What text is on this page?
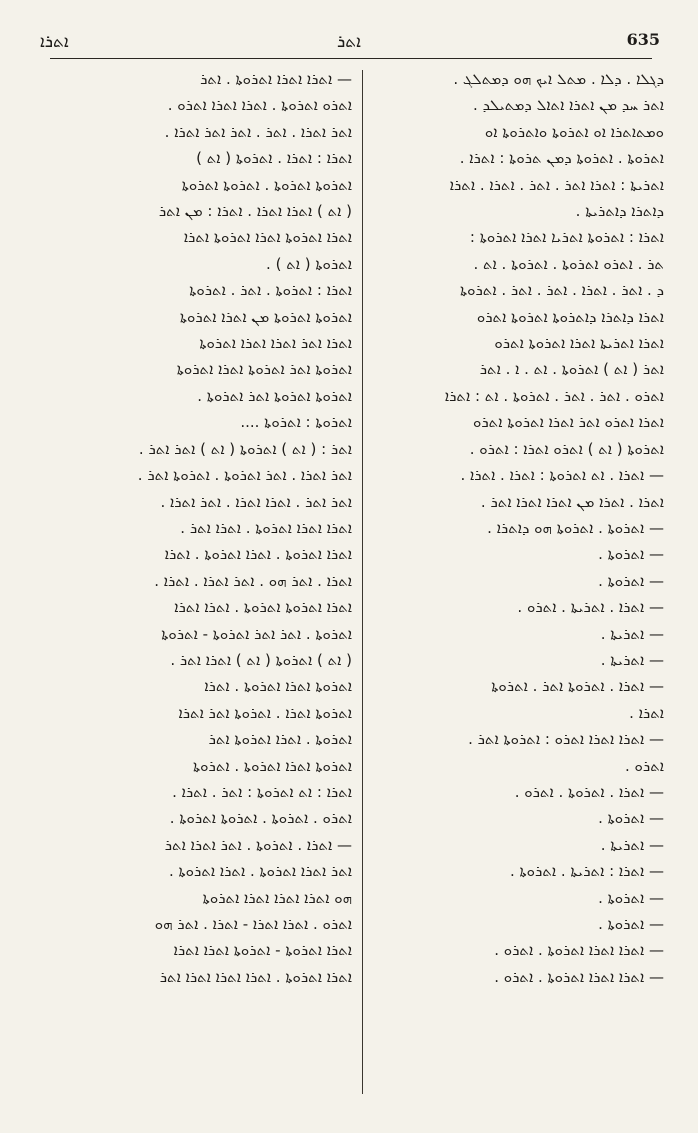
ܐܬܪܐ	ܐܬܪ	635
ܕܓܠܐ . ܕܠܐ . ܡܬܠ ܐܝܟ ܗܘ ܕܡܬܠܓ .
ܐܬܪ ܚܕ ܡܢ ܐܬܪܐ ܐܬܐܠ ܕܡܬܝܠܕ .
ܘܡܬܐܬܪܐ ܐܘ ܐܬܪܘܬܐ ܘܐܬܪܘܬܐ ܐܘ
ܐܬܪܘܬܐ . ܐܬܪܘܬܐ ܕܡܢ ܬܪܘܬܐ : ܐܬܪܐ .
ܐܬܪܝܬܐ : ܐܬܪܐ ܐܬܪ . ܐܬܪ . ܐܬܪܐ . ܐܬܪܐ
ܕܐܬܪܐ ܕܐܬܪܝܬܐ .
ܐܬܪܐ : ܐܬܪܘܬܐ ܐܬܪܝܐ ܐܬܪܐ ܐܬܪܘܬܐ :
ܬܪ . ܐܬܪܘ ܐܬܪܘܬܐ . ܐܬܪܘܬܐ . ܐܬ .
ܕ . ܐܬܪ . ܐܬܪܐ . ܐܬܪ . ܐܬܪ . ܐܬܪܘܬܐ
ܐܬܪܐ ܕܐܬܪܐ ܕܐܬܪܘܬܐ ܐܬܪܘܬܐ ܐܬܪܘ
ܐܬܪܐ ܐܬܪܝܬܐ ܐܬܪܐ ܐܬܪܘܬܐ ܐܬܪܘ
ܐܬܪ ( ܐܬ ) ܐܬܪܘܬܐ . ܐܬ . ܐ . ܐܬܪ
ܐܬܪܘ . ܐܬܪ . ܐܬܪ . ܐܬܪܘܬܐ . ܐܬ : ܐܬܪܐ
ܐܬܪܐ ܐܬܪܘ ܐܬܪ ܐܬܪܐ ܐܬܪܘܬܐ ܐܬܪܘ
ܐܬܪܘܬܐ ( ܐܬ ) ܐܬܪܘ ܐܬܪܐ : ܐܬܪܘ .
— ܐܬܪܐ . ܐܬ ܐܬܪܘܬܐ : ܐܬܪܐ . ܐܬܪܐ .
ܐܬܪܐ . ܐܬܪܐ ܡܢ ܐܬܪܐ ܐܬܪܐ ܐܬܪ .
— ܐܬܪܘܬܐ . ܐܬܪܘܬܐ ܗܘ ܕܐܬܪܐ .
— ܐܬܪܘܬܐ .
— ܐܬܪܘܬܐ .
— ܐܬܪܐ . ܐܬܪܝܬܐ . ܐܬܪܘ .
— ܐܬܪܝܬܐ .
— ܐܬܪܝܬܐ .
— ܐܬܪܐ . ܐܬܪܘܬܐ ܐܬܪ . ܐܬܪܘܬܐ
ܐܬܪܐ .
— ܐܬܪܐ ܐܬܪܐ ܐܬܪܘ : ܐܬܪܘܬܐ ܐܬܪ .
ܐܬܪܘ .
— ܐܬܪܐ . ܐܬܪܘܬܐ . ܐܬܪܘ .
— ܐܬܪܘܬܐ .
— ܐܬܪܝܬܐ .
— ܐܬܪܐ : ܐܬܪܝܬܐ . ܐܬܪܘܬܐ .
— ܐܬܪܘܬܐ .
— ܐܬܪܘܬܐ .
— ܐܬܪܐ ܐܬܪܐ ܐܬܪܘܬܐ . ܐܬܪܘ .
— ܐܬܪܐ ܐܬܪܐ ܐܬܪܘܬܐ . ܐܬܪܘ .
— ܐܬܪܐ ܐܬܪܐ ܐܬܪܘܬܐ . ܐܬܪ
ܐܬܪܘ ܐܬܪܘܬܐ . ܐܬܪܐ ܐܬܪܐ ܐܬܪܘ .
ܐܬܪ ܐܬܪܐ . ܐܬܪ . ܐܬܪ ܐܬܪ ܐܬܪܐ .
ܐܬܪܐ : ܐܬܪܐ . ܐܬܪܘܬܐ ( ܐܬ )
ܐܬܪܘܬܐ ܐܬܪܘܬܐ . ܐܬܪܘܬܐ ܐܬܪܘܬܐ
( ܐܬ ) ܐܬܪܐ ܐܬܪܐ . ܐܬܪܐ : ܡܢ ܐܬܪ
ܐܬܪܐ ܐܬܪܘܬܐ ܐܬܪܐ ܐܬܪܘܬܐ ܐܬܪܐ
ܐܬܪܘܬܐ ( ܐܬ ) .
ܐܬܪܐ : ܐܬܪܘܬܐ . ܐܬܪ . ܐܬܪܘܬܐ
ܐܬܪܘܬܐ ܐܬܪܘܬܐ ܡܢ ܐܬܪܐ ܐܬܪܘܬܐ
ܐܬܪܐ ܐܬܪ ܐܬܪܐ ܐܬܪܐ ܐܬܪܘܬܐ
ܐܬܪܘܬܐ ܐܬܪ ܐܬܪܘܬܐ ܐܬܪܐ ܐܬܪܘܬܐ
ܐܬܪܘܬܐ ܐܬܪܘܬܐ ܐܬܪ ܐܬܪܘܬܐ .
ܐܬܪܘܬܐ : ܐܬܪܘܬܐ ....
ܐܬܪ : ( ܐܬ ) ܐܬܪܘܬܐ ( ܐܬ ) ܐܬܪ ܐܬܪ .
ܐܬܪ ܐܬܪܐ . ܐܬܪ ܐܬܪܘܬܐ . ܐܬܪܘܬܐ ܐܬܪ .
ܐܬܪ ܐܬܪ . ܐܬܪܐ ܐܬܪܐ . ܐܬܪ ܐܬܪܐ .
ܐܬܪܐ ܐܬܪܐ ܐܬܪܘܬܐ . ܐܬܪܐ ܐܬܪ .
ܐܬܪܐ ܐܬܪܘܬܐ . ܐܬܪܐ ܐܬܪܘܬܐ . ܐܬܪܐ
ܐܬܪܐ . ܐܬܪ ܗܘ . ܐܬܪ ܐܬܪܐ . ܐܬܪܐ .
ܐܬܪܐ ܐܬܪܘܬܐ ܐܬܪܘܬܐ . ܐܬܪܐ ܐܬܪܐ
ܐܬܪܘܬܐ . ܐܬܪ ܐܬܪ ܐܬܪܘܬܐ - ܐܬܪܘܬܐ
( ܐܬ ) ܐܬܪܘܬܐ ( ܐܬ ) ܐܬܪܐ ܐܬܪ .
ܐܬܪܘܬܐ ܐܬܪܐ ܐܬܪܘܬܐ . ܐܬܪܐ
ܐܬܪܘܬܐ ܐܬܪܐ . ܐܬܪܘܬܐ ܐܬܪ ܐܬܪܐ
ܐܬܪܘܬܐ . ܐܬܪܐ ܐܬܪܘܬܐ ܐܬܪ
ܐܬܪܘܬܐ ܐܬܪܐ ܐܬܪܘܬܐ . ܐܬܪܘܬܐ
ܐܬܪܐ : ܐܬ ܐܬܪܘܬܐ : ܐܬܪ . ܐܬܪܐ .
ܐܬܪܘ . ܐܬܪܘܬܐ . ܐܬܪܘܬܐ ܐܬܪܘܬܐ .
— ܐܬܪܐ . ܐܬܪܘܬܐ . ܐܬܪ ܐܬܪܐ ܐܬܪ
ܐܬܪ ܐܬܪܐ ܐܬܪܘܬܐ . ܐܬܪܐ ܐܬܪܘܬܐ .
ܗܘ ܐܬܪܐ ܐܬܪܐ ܐܬܪܐ ܐܬܪܘܬܐ
ܐܬܪܘ . ܐܬܪܐ ܐܬܪܐ - ܐܬܪܐ . ܐܬܪ ܗܘ
ܐܬܪܐ ܐܬܪܘܬܐ - ܐܬܪܘܬܐ ܐܬܪܐ ܐܬܪܐ
ܐܬܪܐ ܐܬܪܘܬܐ . ܐܬܪܐ ܐܬܪܐ ܐܬܪܐ ܐܬܪ
